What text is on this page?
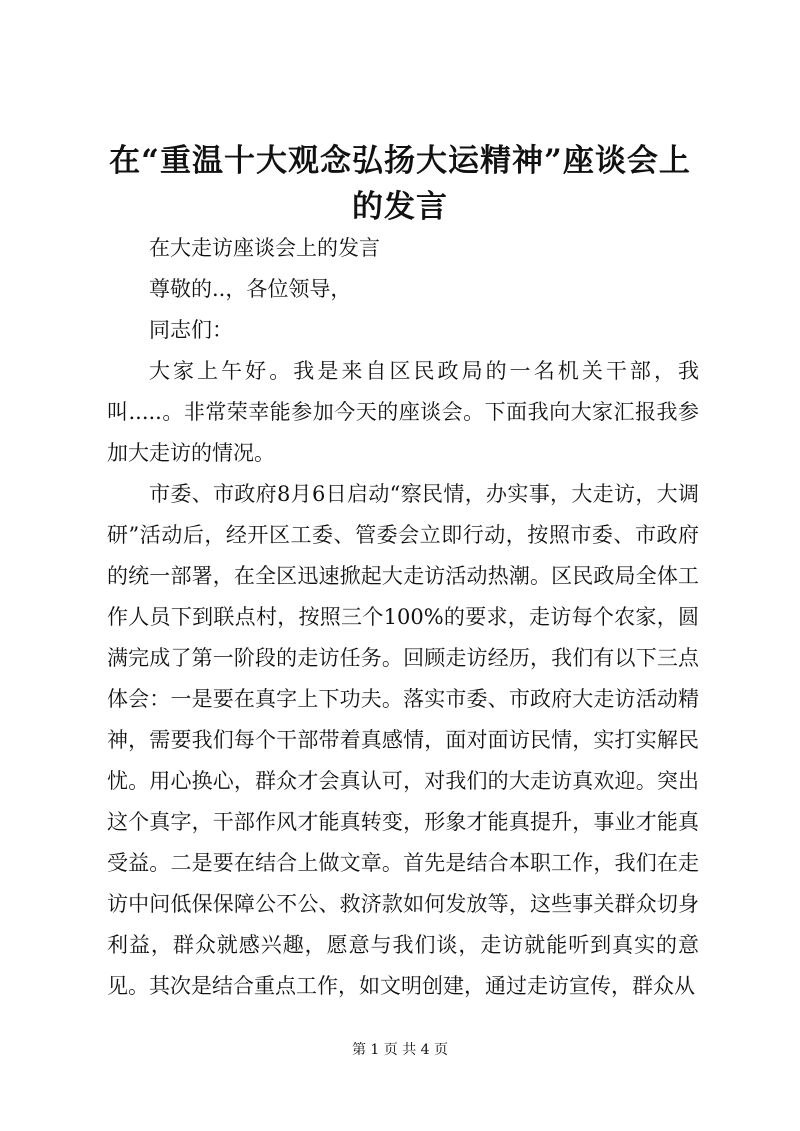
在“重温十大观念弘扬大运精神”座谈会上的发言

在大走访座谈会上的发言

尊敬的..，各位领导，

同志们：

大家上午好。我是来自区民政局的一名机关干部，我叫.....。非常荣幸能参加今天的座谈会。下面我向大家汇报我参加大走访的情况。

市委、市政府8月6日启动“察民情，办实事，大走访，大调研”活动后，经开区工委、管委会立即行动，按照市委、市政府的统一部署，在全区迅速掀起大走访活动热潮。区民政局全体工作人员下到联点村，按照三个100%的要求，走访每个农家，圆满完成了第一阶段的走访任务。回顾走访经历，我们有以下三点体会：一是要在真字上下功夫。落实市委、市政府大走访活动精神，需要我们每个干部带着真感情，面对面访民情，实打实解民忧。用心换心，群众才会真认可，对我们的大走访真欢迎。突出这个真字，干部作风才能真转变，形象才能真提升，事业才能真受益。二是要在结合上做文章。首先是结合本职工作，我们在走访中问低保保障公不公、救济款如何发放等，这些事关群众切身利益，群众就感兴趣，愿意与我们谈，走访就能听到真实的意见。其次是结合重点工作，如文明创建，通过走访宣传，群众从

第 1 页 共 4 页
